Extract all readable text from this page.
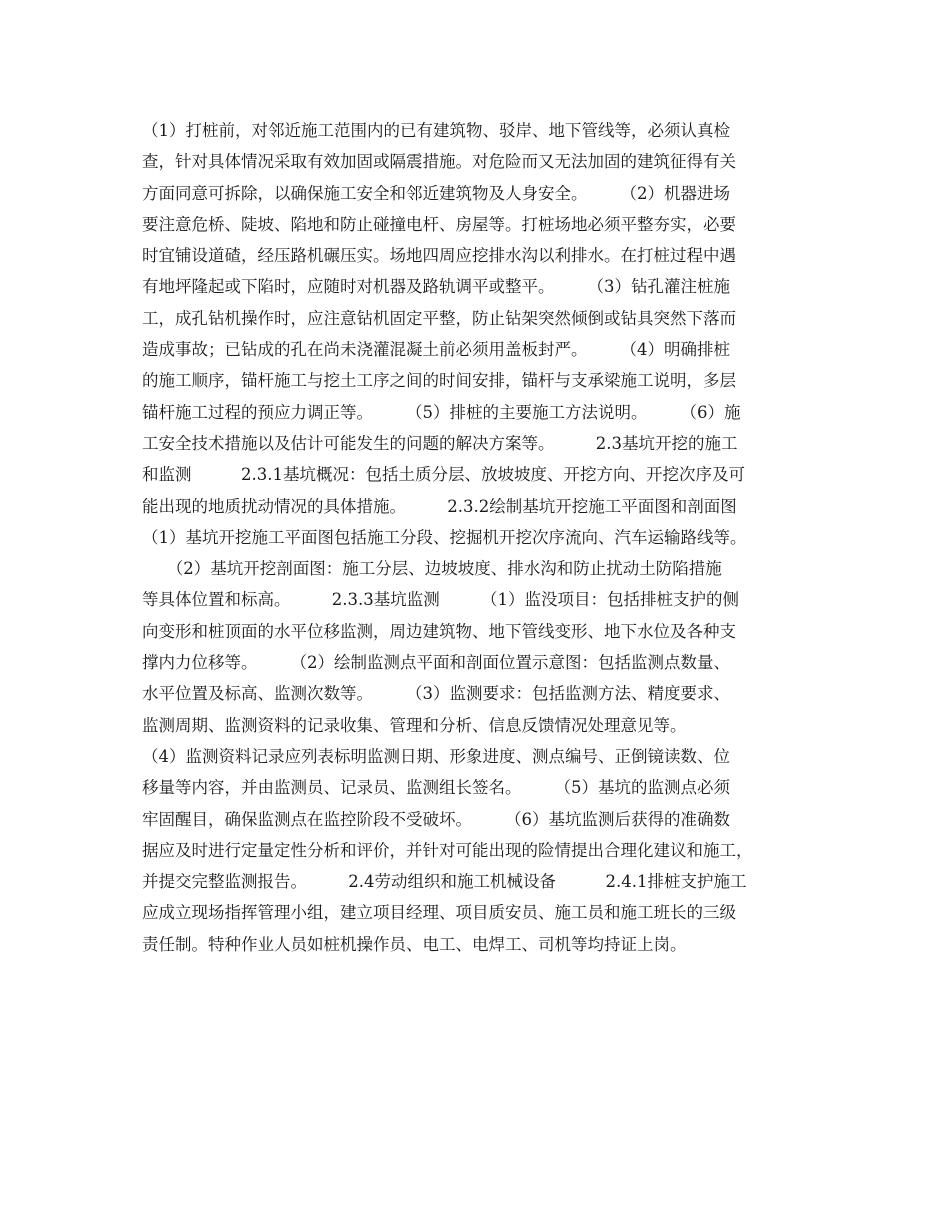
（1）打桩前，对邻近施工范围内的已有建筑物、驳岸、地下管线等，必须认真检
查，针对具体情况采取有效加固或隔震措施。对危险而又无法加固的建筑征得有关
方面同意可拆除，以确保施工安全和邻近建筑物及人身安全。　　　（2）机器进场
要注意危桥、陡坡、陷地和防止碰撞电杆、房屋等。打桩场地必须平整夯实，必要
时宜铺设道碴，经压路机碾压实。场地四周应挖排水沟以利排水。在打桩过程中遇
有地坪隆起或下陷时，应随时对机器及路轨调平或整平。　　　（3）钻孔灌注桩施
工，成孔钻机操作时，应注意钻机固定平整，防止钻架突然倾倒或钻具突然下落而
造成事故；已钻成的孔在尚未浇灌混凝土前必须用盖板封严。　　　（4）明确排桩
的施工顺序，锚杆施工与挖土工序之间的时间安排，锚杆与支承梁施工说明，多层
锚杆施工过程的预应力调正等。　　　（5）排桩的主要施工方法说明。　　　（6）施
工安全技术措施以及估计可能发生的问题的解决方案等。　　　2.3基坑开挖的施工
和监测　　　2.3.1基坑概况：包括土质分层、放坡坡度、开挖方向、开挖次序及可
能出现的地质扰动情况的具体措施。　　　2.3.2绘制基坑开挖施工平面图和剖面图
（1）基坑开挖施工平面图包括施工分段、挖掘机开挖次序流向、汽车运输路线等。
　　（2）基坑开挖剖面图：施工分层、边坡坡度、排水沟和防止扰动土防陷措施
等具体位置和标高。　　　2.3.3基坑监测　　　（1）监没项目：包括排桩支护的侧
向变形和桩顶面的水平位移监测，周边建筑物、地下管线变形、地下水位及各种支
撑内力位移等。　　　（2）绘制监测点平面和剖面位置示意图：包括监测点数量、
水平位置及标高、监测次数等。　　　（3）监测要求：包括监测方法、精度要求、
监测周期、监测资料的记录收集、管理和分析、信息反馈情况处理意见等。
（4）监测资料记录应列表标明监测日期、形象进度、测点编号、正倒镜读数、位
移量等内容，并由监测员、记录员、监测组长签名。　　　（5）基坑的监测点必须
牢固醒目，确保监测点在监控阶段不受破坏。　　　（6）基坑监测后获得的准确数
据应及时进行定量定性分析和评价，并针对可能出现的险情提出合理化建议和施工，
并提交完整监测报告。　　　2.4劳动组织和施工机械设备　　　2.4.1排桩支护施工
应成立现场指挥管理小组，建立项目经理、项目质安员、施工员和施工班长的三级
责任制。特种作业人员如桩机操作员、电工、电焊工、司机等均持证上岗。
